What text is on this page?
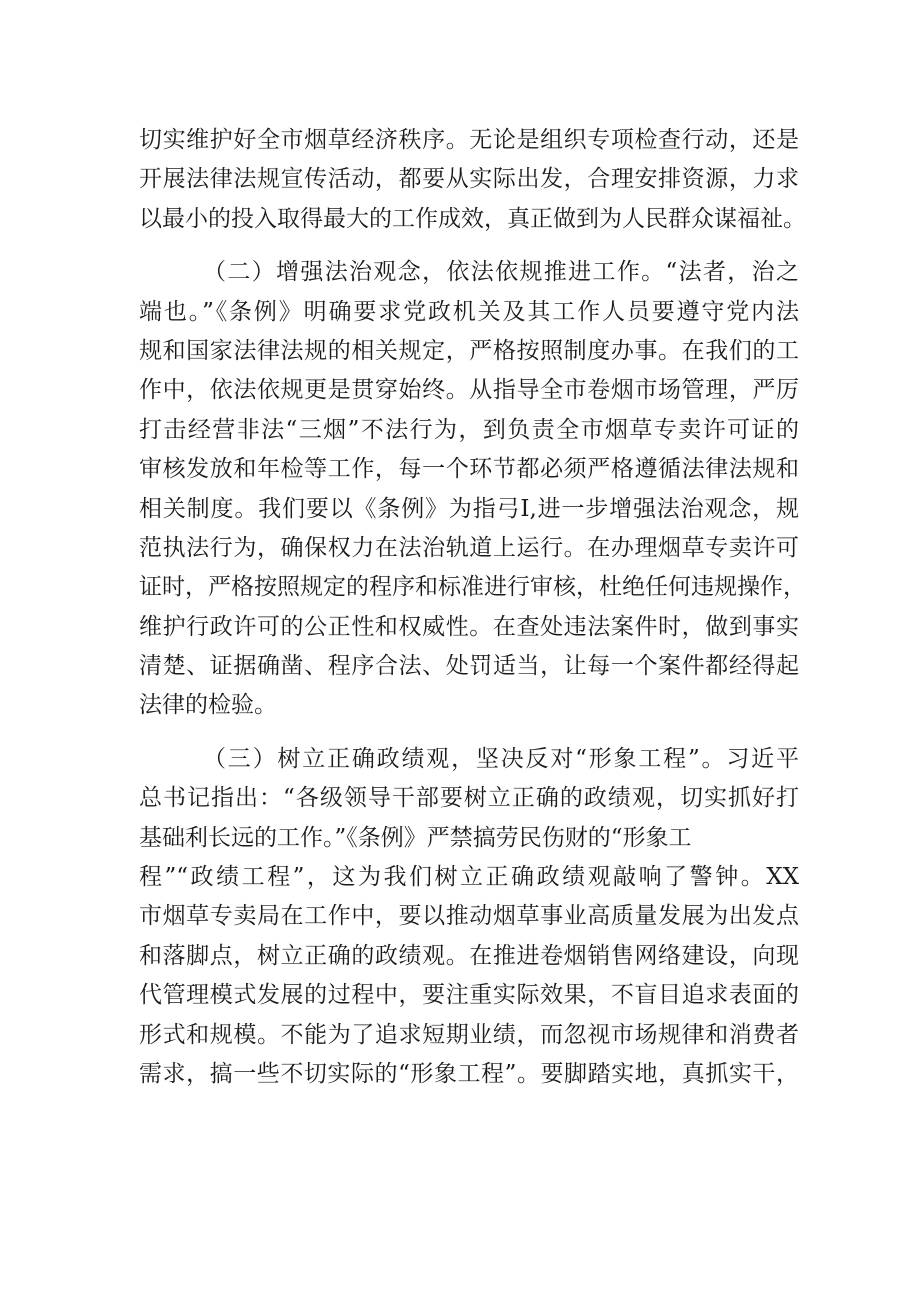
切实维护好全市烟草经济秩序。无论是组织专项检查行动，还是
开展法律法规宣传活动，都要从实际出发，合理安排资源，力求
以最小的投入取得最大的工作成效，真正做到为人民群众谋福祉。
（二）增强法治观念，依法依规推进工作。“法者，治之
端也。”《条例》明确要求党政机关及其工作人员要遵守党内法
规和国家法律法规的相关规定，严格按照制度办事。在我们的工
作中，依法依规更是贯穿始终。从指导全市卷烟市场管理，严厉
打击经营非法“三烟”不法行为，到负责全市烟草专卖许可证的
审核发放和年检等工作，每一个环节都必须严格遵循法律法规和
相关制度。我们要以《条例》为指弓I,进一步增强法治观念，规
范执法行为，确保权力在法治轨道上运行。在办理烟草专卖许可
证时，严格按照规定的程序和标准进行审核，杜绝任何违规操作，
维护行政许可的公正性和权威性。在查处违法案件时，做到事实
清楚、证据确凿、程序合法、处罚适当，让每一个案件都经得起
法律的检验。
（三）树立正确政绩观，坚决反对“形象工程”。习近平
总书记指出：“各级领导干部要树立正确的政绩观，切实抓好打
基础利长远的工作。”《条例》严禁搞劳民伤财的“形象工
程”“政绩工程”，这为我们树立正确政绩观敲响了警钟。XX
市烟草专卖局在工作中，要以推动烟草事业高质量发展为出发点
和落脚点，树立正确的政绩观。在推进卷烟销售网络建设，向现
代管理模式发展的过程中，要注重实际效果，不盲目追求表面的
形式和规模。不能为了追求短期业绩，而忽视市场规律和消费者
需求，搞一些不切实际的“形象工程”。要脚踏实地，真抓实干，
